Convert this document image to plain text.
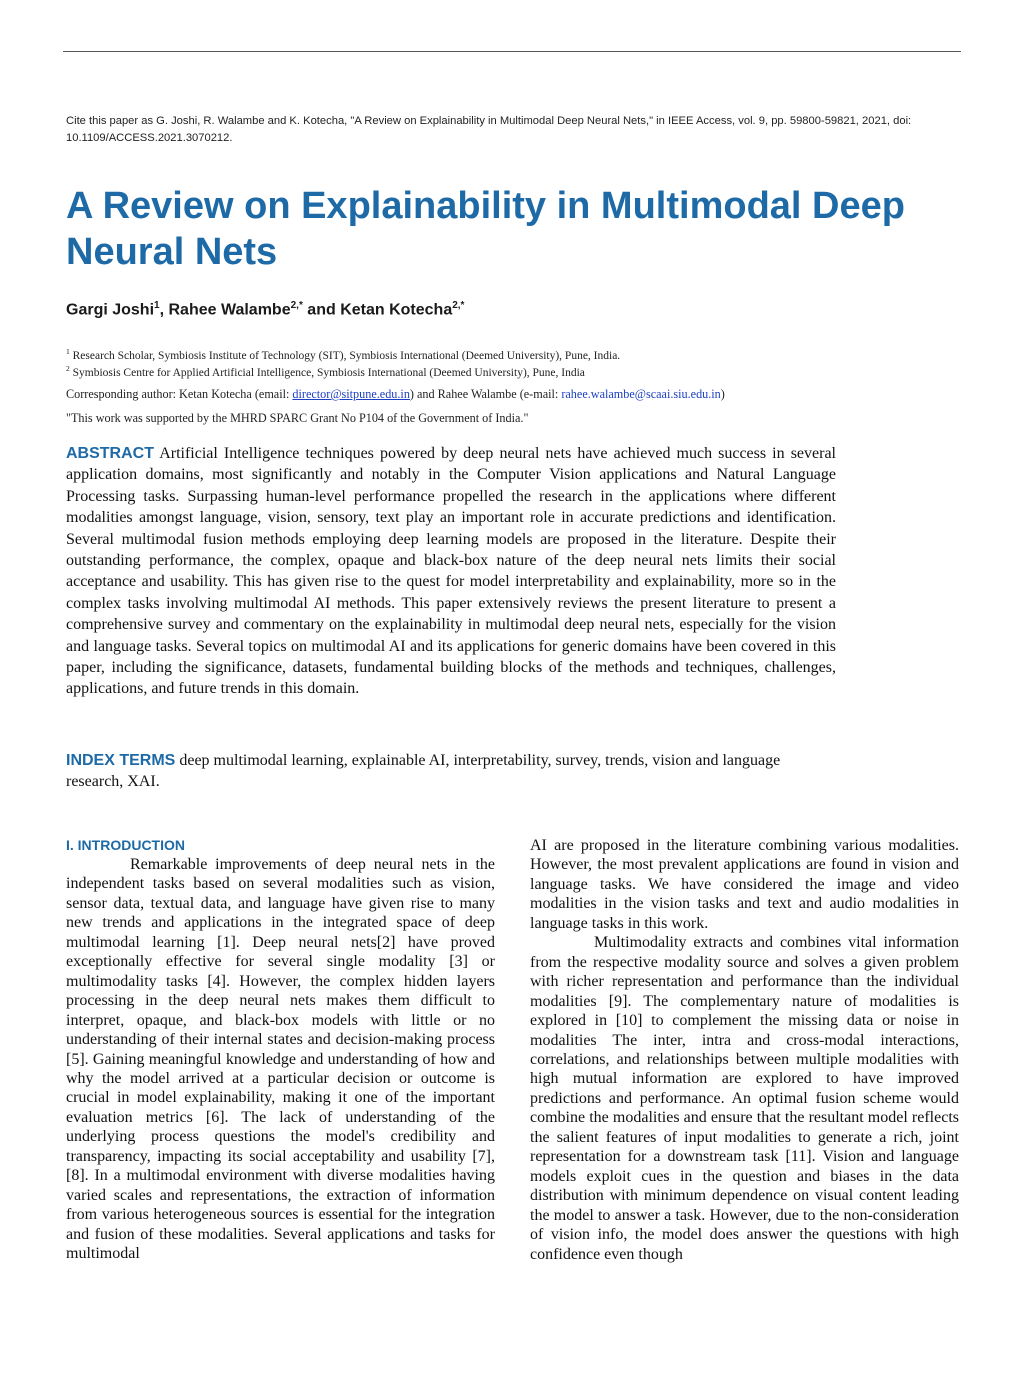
Cite this paper as G. Joshi, R. Walambe and K. Kotecha, "A Review on Explainability in Multimodal Deep Neural Nets," in IEEE Access, vol. 9, pp. 59800-59821, 2021, doi: 10.1109/ACCESS.2021.3070212.
A Review on Explainability in Multimodal Deep Neural Nets
Gargi Joshi$^1$, Rahee Walambe$^{2,*}$ and Ketan Kotecha$^{2,*}$
$^1$ Research Scholar, Symbiosis Institute of Technology (SIT), Symbiosis International (Deemed University), Pune, India.
$^2$ Symbiosis Centre for Applied Artificial Intelligence, Symbiosis International (Deemed University), Pune, India
Corresponding author: Ketan Kotecha (email: director@sitpune.edu.in) and Rahee Walambe (e-mail: rahee.walambe@scaai.siu.edu.in)
"This work was supported by the MHRD SPARC Grant No P104 of the Government of India."

ABSTRACT Artificial Intelligence techniques powered by deep neural nets have achieved much success in several application domains, most significantly and notably in the Computer Vision applications and Natural Language Processing tasks. Surpassing human-level performance propelled the research in the applications where different modalities amongst language, vision, sensory, text play an important role in accurate predictions and identification. Several multimodal fusion methods employing deep learning models are proposed in the literature. Despite their outstanding performance, the complex, opaque and black-box nature of the deep neural nets limits their social acceptance and usability. This has given rise to the quest for model interpretability and explainability, more so in the complex tasks involving multimodal AI methods. This paper extensively reviews the present literature to present a comprehensive survey and commentary on the explainability in multimodal deep neural nets, especially for the vision and language tasks. Several topics on multimodal AI and its applications for generic domains have been covered in this paper, including the significance, datasets, fundamental building blocks of the methods and techniques, challenges, applications, and future trends in this domain.

INDEX TERMS deep multimodal learning, explainable AI, interpretability, survey, trends, vision and language research, XAI.

I. INTRODUCTION

Remarkable improvements of deep neural nets in the independent tasks based on several modalities such as vision, sensor data, textual data, and language have given rise to many new trends and applications in the integrated space of deep multimodal learning [1]. Deep neural nets[2] have proved exceptionally effective for several single modality [3] or multimodality tasks [4]. However, the complex hidden layers processing in the deep neural nets makes them difficult to interpret, opaque, and black-box models with little or no understanding of their internal states and decision-making process [5]. Gaining meaningful knowledge and understanding of how and why the model arrived at a particular decision or outcome is crucial in model explainability, making it one of the important evaluation metrics [6]. The lack of understanding of the underlying process questions the model's credibility and transparency, impacting its social acceptability and usability [7], [8]. In a multimodal environment with diverse modalities having varied scales and representations, the extraction of information from various heterogeneous sources is essential for the integration and fusion of these modalities. Several applications and tasks for multimodal

AI are proposed in the literature combining various modalities. However, the most prevalent applications are found in vision and language tasks. We have considered the image and video modalities in the vision tasks and text and audio modalities in language tasks in this work.

Multimodality extracts and combines vital information from the respective modality source and solves a given problem with richer representation and performance than the individual modalities [9]. The complementary nature of modalities is explored in [10] to complement the missing data or noise in modalities The inter, intra and cross-modal interactions, correlations, and relationships between multiple modalities with high mutual information are explored to have improved predictions and performance. An optimal fusion scheme would combine the modalities and ensure that the resultant model reflects the salient features of input modalities to generate a rich, joint representation for a downstream task [11]. Vision and language models exploit cues in the question and biases in the data distribution with minimum dependence on visual content leading the model to answer a task. However, due to the non-consideration of vision info, the model does answer the questions with high confidence even though
